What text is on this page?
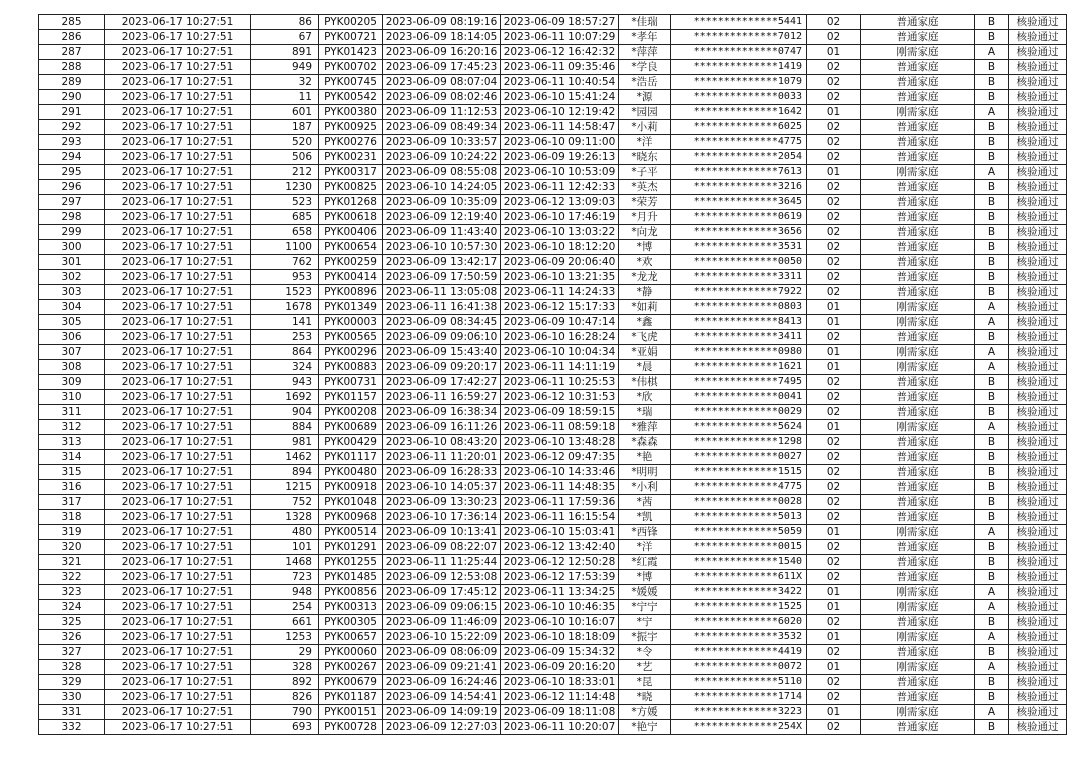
285	2023-06-17 10:27:51	86	PYK00205	2023-06-09 08:19:16	2023-06-09 18:57:27	*佳瑞	**************5441	02	普通家庭	B	核验通过
286	2023-06-17 10:27:51	67	PYK00721	2023-06-09 18:14:05	2023-06-11 10:07:29	*孝年	**************7012	02	普通家庭	B	核验通过
287	2023-06-17 10:27:51	891	PYK01423	2023-06-09 16:20:16	2023-06-12 16:42:32	*萍萍	**************0747	01	刚需家庭	A	核验通过
288	2023-06-17 10:27:51	949	PYK00702	2023-06-09 17:45:23	2023-06-11 09:35:46	*学良	**************1419	02	普通家庭	B	核验通过
289	2023-06-17 10:27:51	32	PYK00745	2023-06-09 08:07:04	2023-06-11 10:40:54	*浩岳	**************1079	02	普通家庭	B	核验通过
290	2023-06-17 10:27:51	11	PYK00542	2023-06-09 08:02:46	2023-06-10 15:41:24	*源	**************0033	02	普通家庭	B	核验通过
291	2023-06-17 10:27:51	601	PYK00380	2023-06-09 11:12:53	2023-06-10 12:19:42	*园园	**************1642	01	刚需家庭	A	核验通过
292	2023-06-17 10:27:51	187	PYK00925	2023-06-09 08:49:34	2023-06-11 14:58:47	*小莉	**************6025	02	普通家庭	B	核验通过
293	2023-06-17 10:27:51	520	PYK00276	2023-06-09 10:33:57	2023-06-10 09:11:00	*洋	**************4775	02	普通家庭	B	核验通过
294	2023-06-17 10:27:51	506	PYK00231	2023-06-09 10:24:22	2023-06-09 19:26:13	*晓东	**************2054	02	普通家庭	B	核验通过
295	2023-06-17 10:27:51	212	PYK00317	2023-06-09 08:55:08	2023-06-10 10:53:09	*子平	**************7613	01	刚需家庭	A	核验通过
296	2023-06-17 10:27:51	1230	PYK00825	2023-06-10 14:24:05	2023-06-11 12:42:33	*英杰	**************3216	02	普通家庭	B	核验通过
297	2023-06-17 10:27:51	523	PYK01268	2023-06-09 10:35:09	2023-06-12 13:09:03	*荣芳	**************3645	02	普通家庭	B	核验通过
298	2023-06-17 10:27:51	685	PYK00618	2023-06-09 12:19:40	2023-06-10 17:46:19	*月升	**************0619	02	普通家庭	B	核验通过
299	2023-06-17 10:27:51	658	PYK00406	2023-06-09 11:43:40	2023-06-10 13:03:22	*向龙	**************3656	02	普通家庭	B	核验通过
300	2023-06-17 10:27:51	1100	PYK00654	2023-06-10 10:57:30	2023-06-10 18:12:20	*博	**************3531	02	普通家庭	B	核验通过
301	2023-06-17 10:27:51	762	PYK00259	2023-06-09 13:42:17	2023-06-09 20:06:40	*欢	**************0050	02	普通家庭	B	核验通过
302	2023-06-17 10:27:51	953	PYK00414	2023-06-09 17:50:59	2023-06-10 13:21:35	*龙龙	**************3311	02	普通家庭	B	核验通过
303	2023-06-17 10:27:51	1523	PYK00896	2023-06-11 13:05:08	2023-06-11 14:24:33	*静	**************7922	02	普通家庭	B	核验通过
304	2023-06-17 10:27:51	1678	PYK01349	2023-06-11 16:41:38	2023-06-12 15:17:33	*如莉	**************0803	01	刚需家庭	A	核验通过
305	2023-06-17 10:27:51	141	PYK00003	2023-06-09 08:34:45	2023-06-09 10:47:14	*鑫	**************8413	01	刚需家庭	A	核验通过
306	2023-06-17 10:27:51	253	PYK00565	2023-06-09 09:06:10	2023-06-10 16:28:24	*飞虎	**************3411	02	普通家庭	B	核验通过
307	2023-06-17 10:27:51	864	PYK00296	2023-06-09 15:43:40	2023-06-10 10:04:34	*亚娟	**************0980	01	刚需家庭	A	核验通过
308	2023-06-17 10:27:51	324	PYK00883	2023-06-09 09:20:17	2023-06-11 14:11:19	*晨	**************1621	01	刚需家庭	A	核验通过
309	2023-06-17 10:27:51	943	PYK00731	2023-06-09 17:42:27	2023-06-11 10:25:53	*伟棋	**************7495	02	普通家庭	B	核验通过
310	2023-06-17 10:27:51	1692	PYK01157	2023-06-11 16:59:27	2023-06-12 10:31:53	*欣	**************0041	02	普通家庭	B	核验通过
311	2023-06-17 10:27:51	904	PYK00208	2023-06-09 16:38:34	2023-06-09 18:59:15	*瑞	**************0029	02	普通家庭	B	核验通过
312	2023-06-17 10:27:51	884	PYK00689	2023-06-09 16:11:26	2023-06-11 08:59:18	*雅萍	**************5624	01	刚需家庭	A	核验通过
313	2023-06-17 10:27:51	981	PYK00429	2023-06-10 08:43:20	2023-06-10 13:48:28	*森森	**************1298	02	普通家庭	B	核验通过
314	2023-06-17 10:27:51	1462	PYK01117	2023-06-11 11:20:01	2023-06-12 09:47:35	*艳	**************0027	02	普通家庭	B	核验通过
315	2023-06-17 10:27:51	894	PYK00480	2023-06-09 16:28:33	2023-06-10 14:33:46	*明明	**************1515	02	普通家庭	B	核验通过
316	2023-06-17 10:27:51	1215	PYK00918	2023-06-10 14:05:37	2023-06-11 14:48:35	*小利	**************4775	02	普通家庭	B	核验通过
317	2023-06-17 10:27:51	752	PYK01048	2023-06-09 13:30:23	2023-06-11 17:59:36	*茜	**************0028	02	普通家庭	B	核验通过
318	2023-06-17 10:27:51	1328	PYK00968	2023-06-10 17:36:14	2023-06-11 16:15:54	*凯	**************5013	02	普通家庭	B	核验通过
319	2023-06-17 10:27:51	480	PYK00514	2023-06-09 10:13:41	2023-06-10 15:03:41	*西锋	**************5059	01	刚需家庭	A	核验通过
320	2023-06-17 10:27:51	101	PYK01291	2023-06-09 08:22:07	2023-06-12 13:42:40	*洋	**************0015	02	普通家庭	B	核验通过
321	2023-06-17 10:27:51	1468	PYK01255	2023-06-11 11:25:44	2023-06-12 12:50:28	*红霞	**************1540	02	普通家庭	B	核验通过
322	2023-06-17 10:27:51	723	PYK01485	2023-06-09 12:53:08	2023-06-12 17:53:39	*博	**************611X	02	普通家庭	B	核验通过
323	2023-06-17 10:27:51	948	PYK00856	2023-06-09 17:45:12	2023-06-11 13:34:25	*媛媛	**************3422	01	刚需家庭	A	核验通过
324	2023-06-17 10:27:51	254	PYK00313	2023-06-09 09:06:15	2023-06-10 10:46:35	*宁宁	**************1525	01	刚需家庭	A	核验通过
325	2023-06-17 10:27:51	661	PYK00305	2023-06-09 11:46:09	2023-06-10 10:16:07	*宁	**************6020	02	普通家庭	B	核验通过
326	2023-06-17 10:27:51	1253	PYK00657	2023-06-10 15:22:09	2023-06-10 18:18:09	*振宇	**************3532	01	刚需家庭	A	核验通过
327	2023-06-17 10:27:51	29	PYK00060	2023-06-09 08:06:09	2023-06-09 15:34:32	*令	**************4419	02	普通家庭	B	核验通过
328	2023-06-17 10:27:51	328	PYK00267	2023-06-09 09:21:41	2023-06-09 20:16:20	*艺	**************0072	01	刚需家庭	A	核验通过
329	2023-06-17 10:27:51	892	PYK00679	2023-06-09 16:24:46	2023-06-10 18:33:01	*昆	**************5110	02	普通家庭	B	核验通过
330	2023-06-17 10:27:51	826	PYK01187	2023-06-09 14:54:41	2023-06-12 11:14:48	*晓	**************1714	02	普通家庭	B	核验通过
331	2023-06-17 10:27:51	790	PYK00151	2023-06-09 14:09:19	2023-06-09 18:11:08	*方媛	**************3223	01	刚需家庭	A	核验通过
332	2023-06-17 10:27:51	693	PYK00728	2023-06-09 12:27:03	2023-06-11 10:20:07	*艳宁	**************254X	02	普通家庭	B	核验通过
